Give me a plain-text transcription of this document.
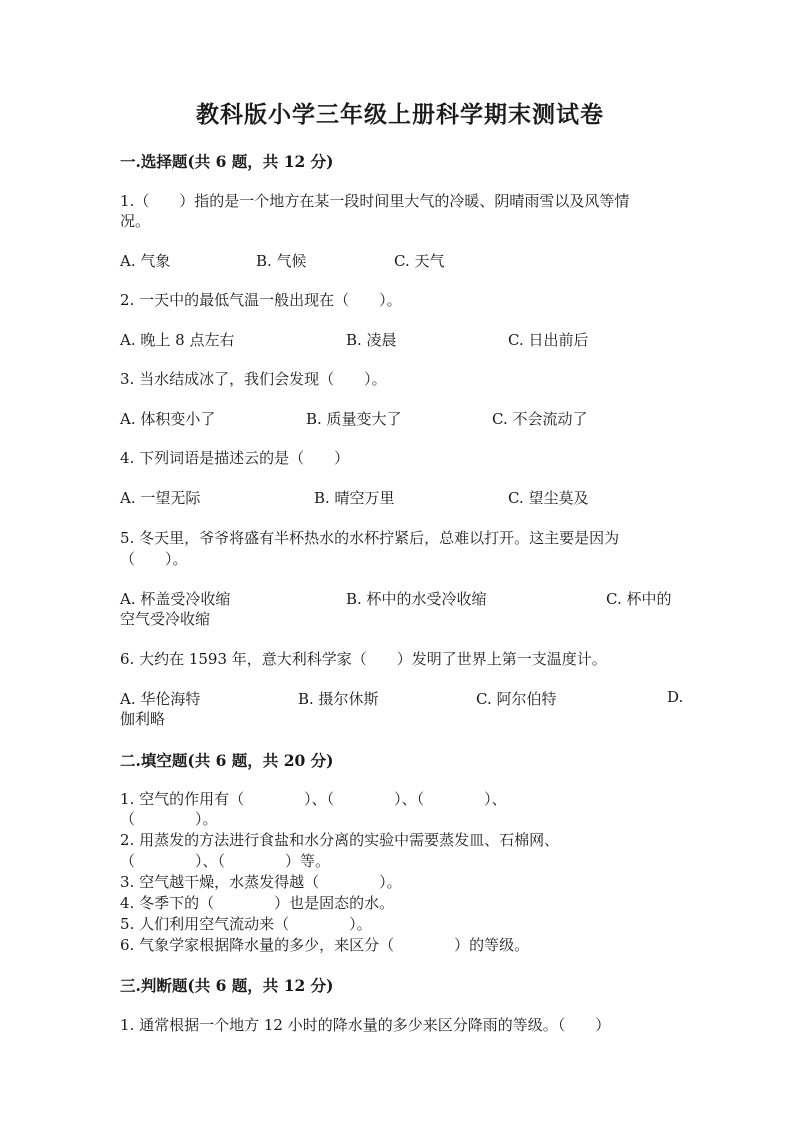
教科版小学三年级上册科学期末测试卷
一.选择题(共 6 题，共 12 分)
1.（　　）指的是一个地方在某一段时间里大气的冷暖、阴晴雨雪以及风等情
况。
A. 气象	B. 气候	C. 天气
2. 一天中的最低气温一般出现在（　　）。
A. 晚上 8 点左右	B. 凌晨	C. 日出前后
3. 当水结成冰了，我们会发现（　　）。
A. 体积变小了	B. 质量变大了	C. 不会流动了
4. 下列词语是描述云的是（　　）
A. 一望无际	B. 晴空万里	C. 望尘莫及
5. 冬天里，爷爷将盛有半杯热水的水杯拧紧后，总难以打开。这主要是因为
（　　）。
A. 杯盖受冷收缩	B. 杯中的水受冷收缩	C. 杯中的
空气受冷收缩
6. 大约在 1593 年，意大利科学家（　　）发明了世界上第一支温度计。
A. 华伦海特	B. 摄尔休斯	C. 阿尔伯特	D.
伽利略
二.填空题(共 6 题，共 20 分)
1. 空气的作用有（　　　　）、（　　　　）、（　　　　）、
（　　　　）。
2. 用蒸发的方法进行食盐和水分离的实验中需要蒸发皿、石棉网、
（　　　　）、（　　　　）等。
3. 空气越干燥，水蒸发得越（　　　　）。
4. 冬季下的（　　　　）也是固态的水。
5. 人们利用空气流动来（　　　　）。
6. 气象学家根据降水量的多少，来区分（　　　　）的等级。
三.判断题(共 6 题，共 12 分)
1. 通常根据一个地方 12 小时的降水量的多少来区分降雨的等级。（　　）
